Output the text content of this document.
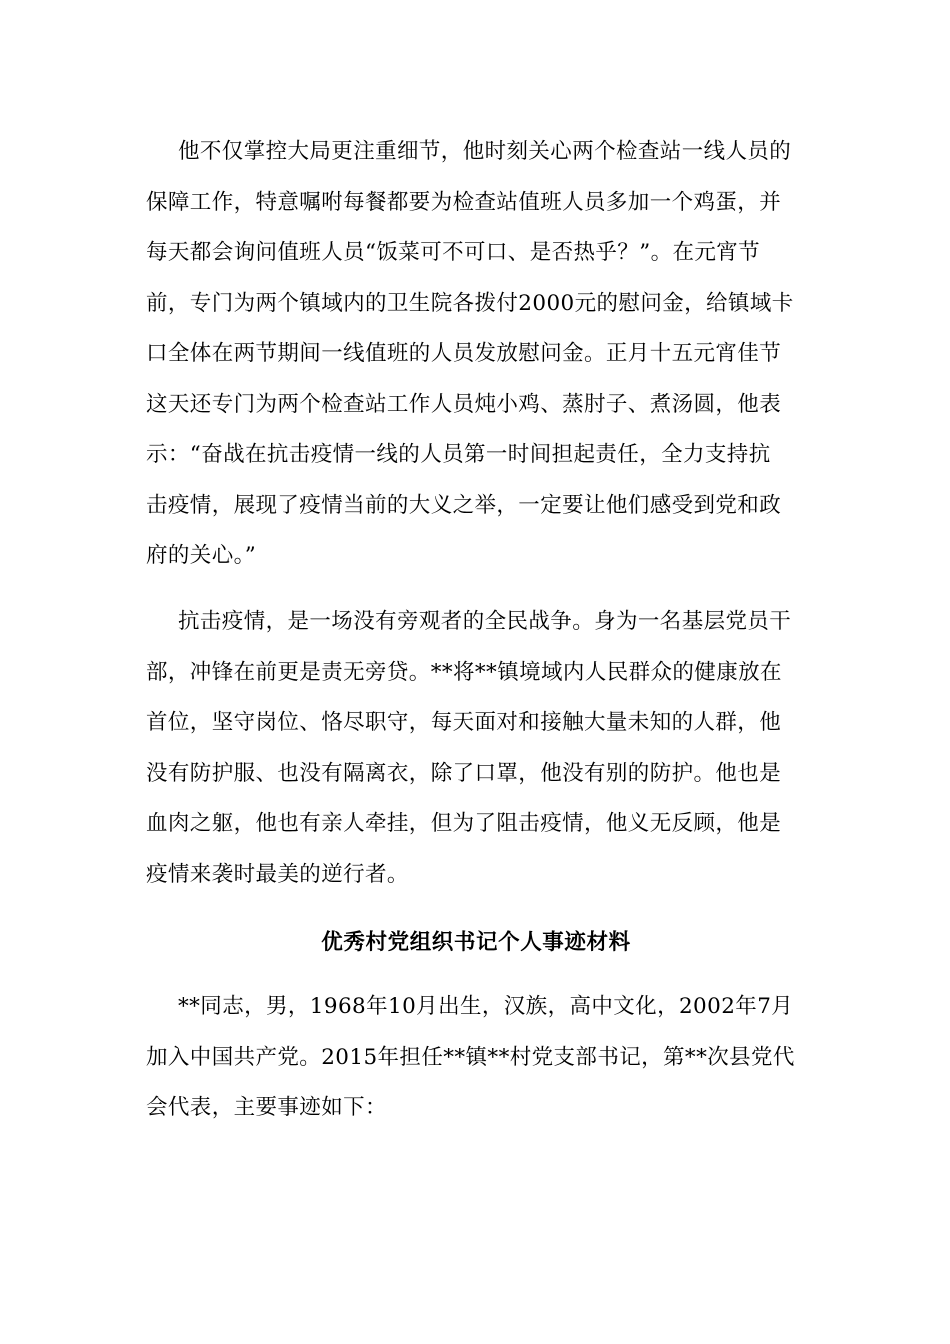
他不仅掌控大局更注重细节，他时刻关心两个检查站一线人员的
保障工作，特意嘱咐每餐都要为检查站值班人员多加一个鸡蛋，并
每天都会询问值班人员“饭菜可不可口、是否热乎？”。在元宵节
前，专门为两个镇域内的卫生院各拨付2000元的慰问金，给镇域卡
口全体在两节期间一线值班的人员发放慰问金。正月十五元宵佳节
这天还专门为两个检查站工作人员炖小鸡、蒸肘子、煮汤圆，他表
示：“奋战在抗击疫情一线的人员第一时间担起责任，全力支持抗
击疫情，展现了疫情当前的大义之举，一定要让他们感受到党和政
府的关心。”
抗击疫情，是一场没有旁观者的全民战争。身为一名基层党员干
部，冲锋在前更是责无旁贷。**将**镇境域内人民群众的健康放在
首位，坚守岗位、恪尽职守，每天面对和接触大量未知的人群，他
没有防护服、也没有隔离衣，除了口罩，他没有别的防护。他也是
血肉之躯，他也有亲人牵挂，但为了阻击疫情，他义无反顾，他是
疫情来袭时最美的逆行者。
优秀村党组织书记个人事迹材料
**同志，男，1968年10月出生，汉族，高中文化，2002年7月
加入中国共产党。2015年担任**镇**村党支部书记，第**次县党代
会代表，主要事迹如下：
